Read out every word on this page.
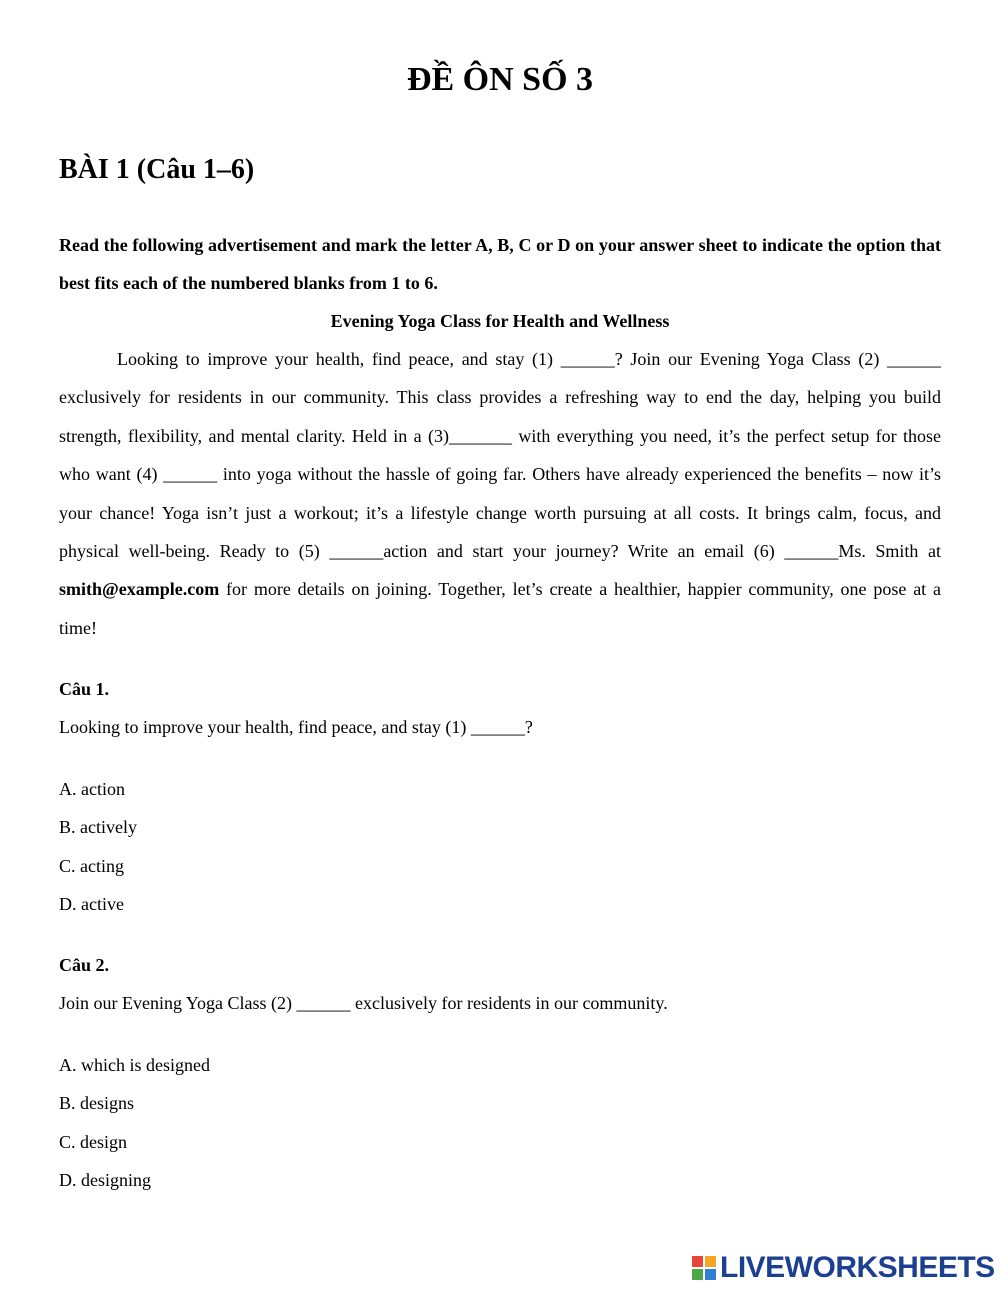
ĐỀ ÔN SỐ 3
BÀI 1 (Câu 1–6)
Read the following advertisement and mark the letter A, B, C or D on your answer sheet to indicate the option that best fits each of the numbered blanks from 1 to 6.
Evening Yoga Class for Health and Wellness
Looking to improve your health, find peace, and stay (1) ______? Join our Evening Yoga Class (2) ______ exclusively for residents in our community. This class provides a refreshing way to end the day, helping you build strength, flexibility, and mental clarity. Held in a (3)_______ with everything you need, it’s the perfect setup for those who want (4) ______ into yoga without the hassle of going far. Others have already experienced the benefits – now it’s your chance! Yoga isn’t just a workout; it’s a lifestyle change worth pursuing at all costs. It brings calm, focus, and physical well-being. Ready to (5) ______action and start your journey? Write an email (6) ______Ms. Smith at smith@example.com for more details on joining. Together, let’s create a healthier, happier community, one pose at a time!
Câu 1.
Looking to improve your health, find peace, and stay (1) ______?
A. action
B. actively
C. acting
D. active
Câu 2.
Join our Evening Yoga Class (2) ______ exclusively for residents in our community.
A. which is designed
B. designs
C. design
D. designing
LIVEWORKSHEETS
